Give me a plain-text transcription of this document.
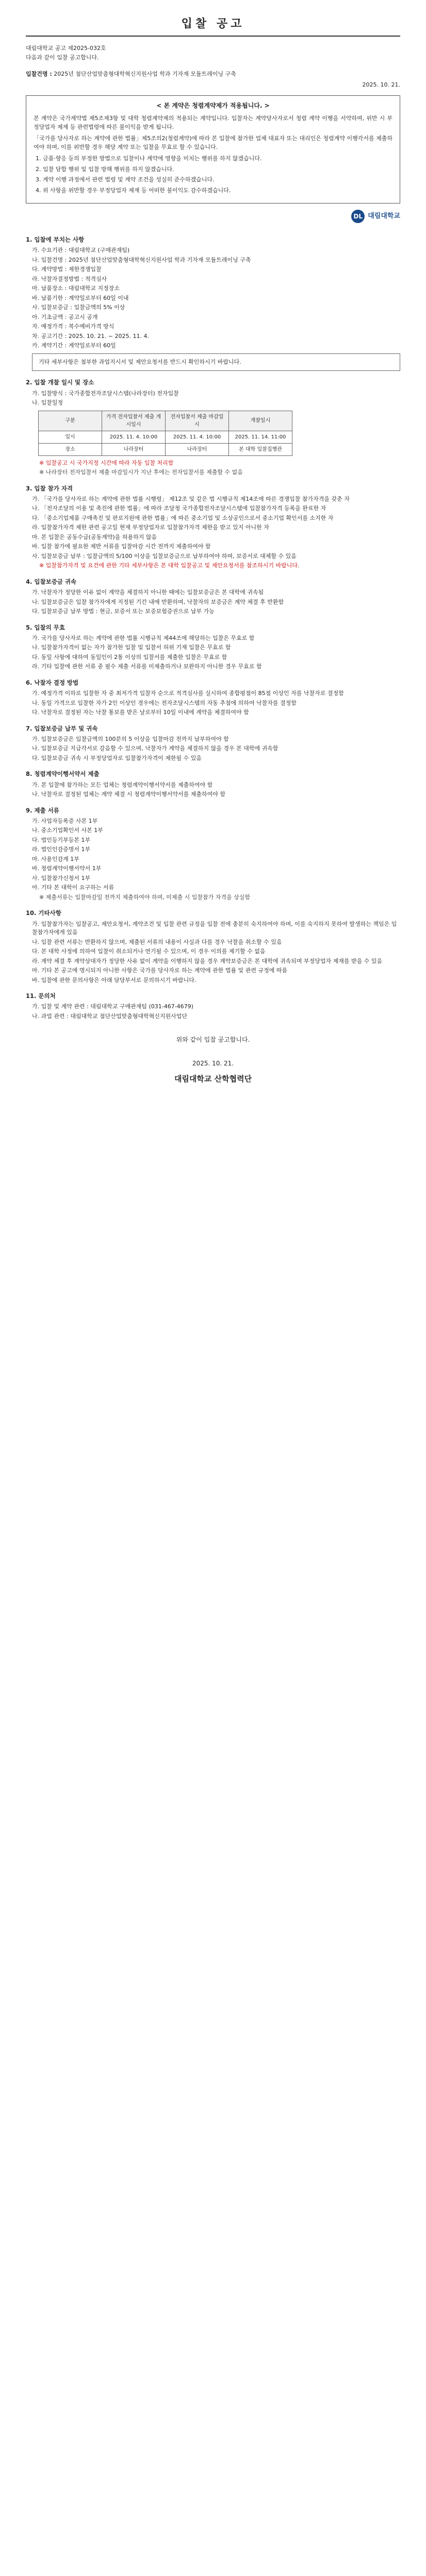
입찰 공고

대림대학교 공고 제2025-032호

다음과 같이 입찰 공고합니다.

입찰건명 : 2025년 첨단산업맞춤형대학혁신지원사업 학과 기자재 모듈트레이닝 구축

2025. 10. 21.
< 본 계약은 청렴계약제가 적용됩니다. >

본 계약은 국가계약법 제5조제3항 및 대학 청렴계약제의 적용되는 계약입니다. 입찰자는 계약당사자로서 청렴 계약 이행을 서약하며, 위반 시 부정당업자 제재 등 관련법령에 따른 불이익을 받게 됩니다.

「국가를 당사자로 하는 계약에 관한 법률」제5조의2(청렴계약)에 따라 본 입찰에 참가한 업체 대표자 또는 대리인은 청렴계약 이행각서를 제출하여야 하며, 이를 위반할 경우 해당 계약 또는 입찰을 무효로 할 수 있습니다.

1. 금품·향응 등의 부정한 방법으로 입찰이나 계약에 영향을 미치는 행위를 하지 않겠습니다.
2. 입찰 담합 행위 및 입찰 방해 행위를 하지 않겠습니다.
3. 계약 이행 과정에서 관련 법령 및 계약 조건을 성실히 준수하겠습니다.
4. 위 사항을 위반할 경우 부정당업자 제재 등 어떠한 불이익도 감수하겠습니다.
DL 대림대학교
1. 입찰에 부치는 사항
가. 수요기관 : 대림대학교 (구매관재팀)
나. 입찰건명 : 2025년 첨단산업맞춤형대학혁신지원사업 학과 기자재 모듈트레이닝 구축
다. 계약방법 : 제한경쟁입찰
라. 낙찰자결정방법 : 적격심사
마. 납품장소 : 대림대학교 지정장소
바. 납품기한 : 계약일로부터 60일 이내
사. 입찰보증금 : 입찰금액의 5% 이상
아. 기초금액 : 공고시 공개
자. 예정가격 : 복수예비가격 방식
차. 공고기간 : 2025. 10. 21. ~ 2025. 11. 4.
카. 계약기간 : 계약일로부터 60일
기타 세부사항은 첨부한 과업지시서 및 제안요청서를 반드시 확인하시기 바랍니다.
2. 입찰 개찰 일시 및 장소
가. 입찰방식 : 국가종합전자조달시스템(나라장터) 전자입찰
나. 입찰일정
구분	가격 전자입찰서 제출 개시일시	전자입찰서 제출 마감일시	개찰일시
일시	2025. 11. 4. 10:00	2025. 11. 4. 10:00	2025. 11. 14. 11:00
장소	나라장터	나라장터	본 대학 입찰집행관
※ 입찰공고 시 국가지정 시간에 따라 자동 입찰 처리함
※ 나라장터 전자입찰서 제출 마감일시가 지난 후에는 전자입찰서를 제출할 수 없음
3. 입찰 참가 자격
가. 「국가를 당사자로 하는 계약에 관한 법률 시행령」 제12조 및 같은 법 시행규칙 제14조에 따른 경쟁입찰 참가자격을 갖춘 자
나. 「전자조달의 이용 및 촉진에 관한 법률」에 따라 조달청 국가종합전자조달시스템에 입찰참가자격 등록을 완료한 자
다. 「중소기업제품 구매촉진 및 판로지원에 관한 법률」에 따른 중소기업 및 소상공인으로서 중소기업 확인서를 소지한 자
라. 입찰참가자격 제한 관련 공고일 현재 부정당업자로 입찰참가자격 제한을 받고 있지 아니한 자
마. 본 입찰은 공동수급(공동계약)을 허용하지 않음
바. 입찰 참가에 필요한 제반 서류를 입찰마감 시간 전까지 제출하여야 함
사. 입찰보증금 납부 : 입찰금액의 5/100 이상을 입찰보증금으로 납부하여야 하며, 보증서로 대체할 수 있음
※ 입찰참가자격 및 요건에 관한 기타 세부사항은 본 대학 입찰공고 및 제안요청서를 참조하시기 바랍니다.
4. 입찰보증금 귀속
가. 낙찰자가 정당한 이유 없이 계약을 체결하지 아니한 때에는 입찰보증금은 본 대학에 귀속됨
나. 입찰보증금은 입찰 참가자에게 지정된 기간 내에 반환하며, 낙찰자의 보증금은 계약 체결 후 반환함
다. 입찰보증금 납부 방법 : 현금, 보증서 또는 보증보험증권으로 납부 가능
5. 입찰의 무효
가. 국가를 당사자로 하는 계약에 관한 법률 시행규칙 제44조에 해당하는 입찰은 무효로 함
나. 입찰참가자격이 없는 자가 참가한 입찰 및 입찰서 허위 기재 입찰은 무효로 함
다. 동일 사항에 대하여 동일인이 2통 이상의 입찰서를 제출한 입찰은 무효로 함
라. 기타 입찰에 관한 서류 중 필수 제출 서류를 미제출하거나 보완하지 아니한 경우 무효로 함
6. 낙찰자 결정 방법
가. 예정가격 이하로 입찰한 자 중 최저가격 입찰자 순으로 적격심사를 실시하여 종합평점이 85점 이상인 자를 낙찰자로 결정함
나. 동일 가격으로 입찰한 자가 2인 이상인 경우에는 전자조달시스템의 자동 추첨에 의하여 낙찰자를 결정함
다. 낙찰자로 결정된 자는 낙찰 통보를 받은 날로부터 10일 이내에 계약을 체결하여야 함
7. 입찰보증금 납부 및 귀속
가. 입찰보증금은 입찰금액의 100분의 5 이상을 입찰마감 전까지 납부하여야 함
나. 입찰보증금 지급각서로 갈음할 수 있으며, 낙찰자가 계약을 체결하지 않을 경우 본 대학에 귀속함
다. 입찰보증금 귀속 시 부정당업자로 입찰참가자격이 제한될 수 있음
8. 청렴계약이행서약서 제출
가. 본 입찰에 참가하는 모든 업체는 청렴계약이행서약서를 제출하여야 함
나. 낙찰자로 결정된 업체는 계약 체결 시 청렴계약이행서약서를 제출하여야 함
9. 제출 서류
가. 사업자등록증 사본 1부
나. 중소기업확인서 사본 1부
다. 법인등기부등본 1부
라. 법인인감증명서 1부
마. 사용인감계 1부
바. 청렴계약이행서약서 1부
사. 입찰참가신청서 1부
아. 기타 본 대학이 요구하는 서류
※ 제출서류는 입찰마감일 전까지 제출하여야 하며, 미제출 시 입찰참가 자격을 상실함
10. 기타사항
가. 입찰참가자는 입찰공고, 제안요청서, 계약조건 및 입찰 관련 규정을 입찰 전에 충분히 숙지하여야 하며, 이를 숙지하지 못하여 발생하는 책임은 입찰참가자에게 있음
나. 입찰 관련 서류는 반환하지 않으며, 제출된 서류의 내용이 사실과 다를 경우 낙찰을 취소할 수 있음
다. 본 대학 사정에 의하여 입찰이 취소되거나 연기될 수 있으며, 이 경우 이의를 제기할 수 없음
라. 계약 체결 후 계약상대자가 정당한 사유 없이 계약을 이행하지 않을 경우 계약보증금은 본 대학에 귀속되며 부정당업자 제재를 받을 수 있음
마. 기타 본 공고에 명시되지 아니한 사항은 국가를 당사자로 하는 계약에 관한 법률 및 관련 규정에 따름
바. 입찰에 관한 문의사항은 아래 담당부서로 문의하시기 바랍니다.
11. 문의처
가. 입찰 및 계약 관련 : 대림대학교 구매관재팀 (031-467-4679)
나. 과업 관련 : 대림대학교 첨단산업맞춤형대학혁신지원사업단
위와 같이 입찰 공고합니다.
2025. 10. 21.
대림대학교 산학협력단
